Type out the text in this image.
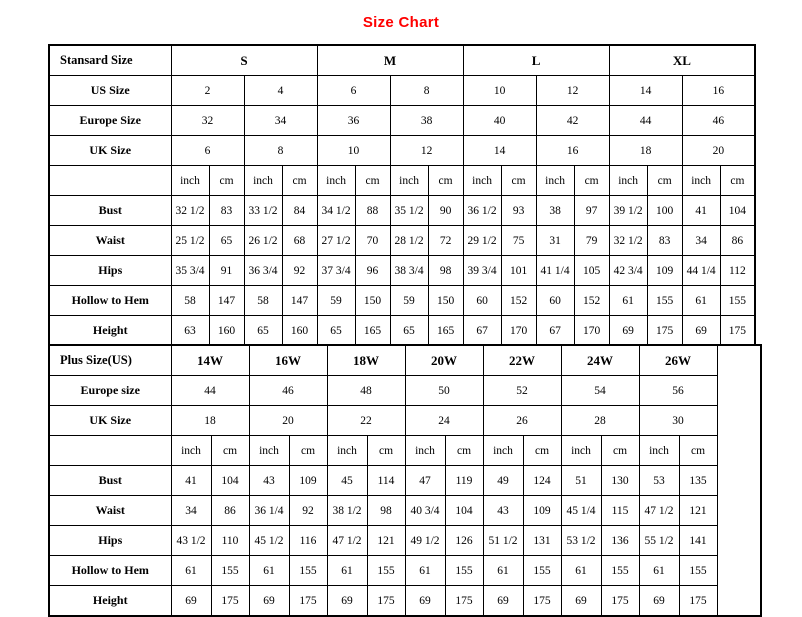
Size Chart
Stansard Size	S				M				L				XL			
US Size	2		4		6		8		10		12		14		16	
Europe Size	32		34		36		38		40		42		44		46	
UK Size	6		8		10		12		14		16		18		20	
	inch	cm	inch	cm	inch	cm	inch	cm	inch	cm	inch	cm	inch	cm	inch	cm
Bust	32 1/2	83	33 1/2	84	34 1/2	88	35 1/2	90	36 1/2	93	38	97	39 1/2	100	41	104
Waist	25 1/2	65	26 1/2	68	27 1/2	70	28 1/2	72	29 1/2	75	31	79	32 1/2	83	34	86
Hips	35 3/4	91	36 3/4	92	37 3/4	96	38 3/4	98	39 3/4	101	41 1/4	105	42 3/4	109	44 1/4	112
Hollow to Hem	58	147	58	147	59	150	59	150	60	152	60	152	61	155	61	155
Height	63	160	65	160	65	165	65	165	67	170	67	170	69	175	69	175
Plus Size(US)	14W		16W		18W		20W		22W		24W		26W		
Europe size	44		46		48		50		52		54		56		
UK Size	18		20		22		24		26		28		30		
	inch	cm	inch	cm	inch	cm	inch	cm	inch	cm	inch	cm	inch	cm	
Bust	41	104	43	109	45	114	47	119	49	124	51	130	53	135	
Waist	34	86	36 1/4	92	38 1/2	98	40 3/4	104	43	109	45 1/4	115	47 1/2	121	
Hips	43 1/2	110	45 1/2	116	47 1/2	121	49 1/2	126	51 1/2	131	53 1/2	136	55 1/2	141	
Hollow to Hem	61	155	61	155	61	155	61	155	61	155	61	155	61	155	
Height	69	175	69	175	69	175	69	175	69	175	69	175	69	175	
